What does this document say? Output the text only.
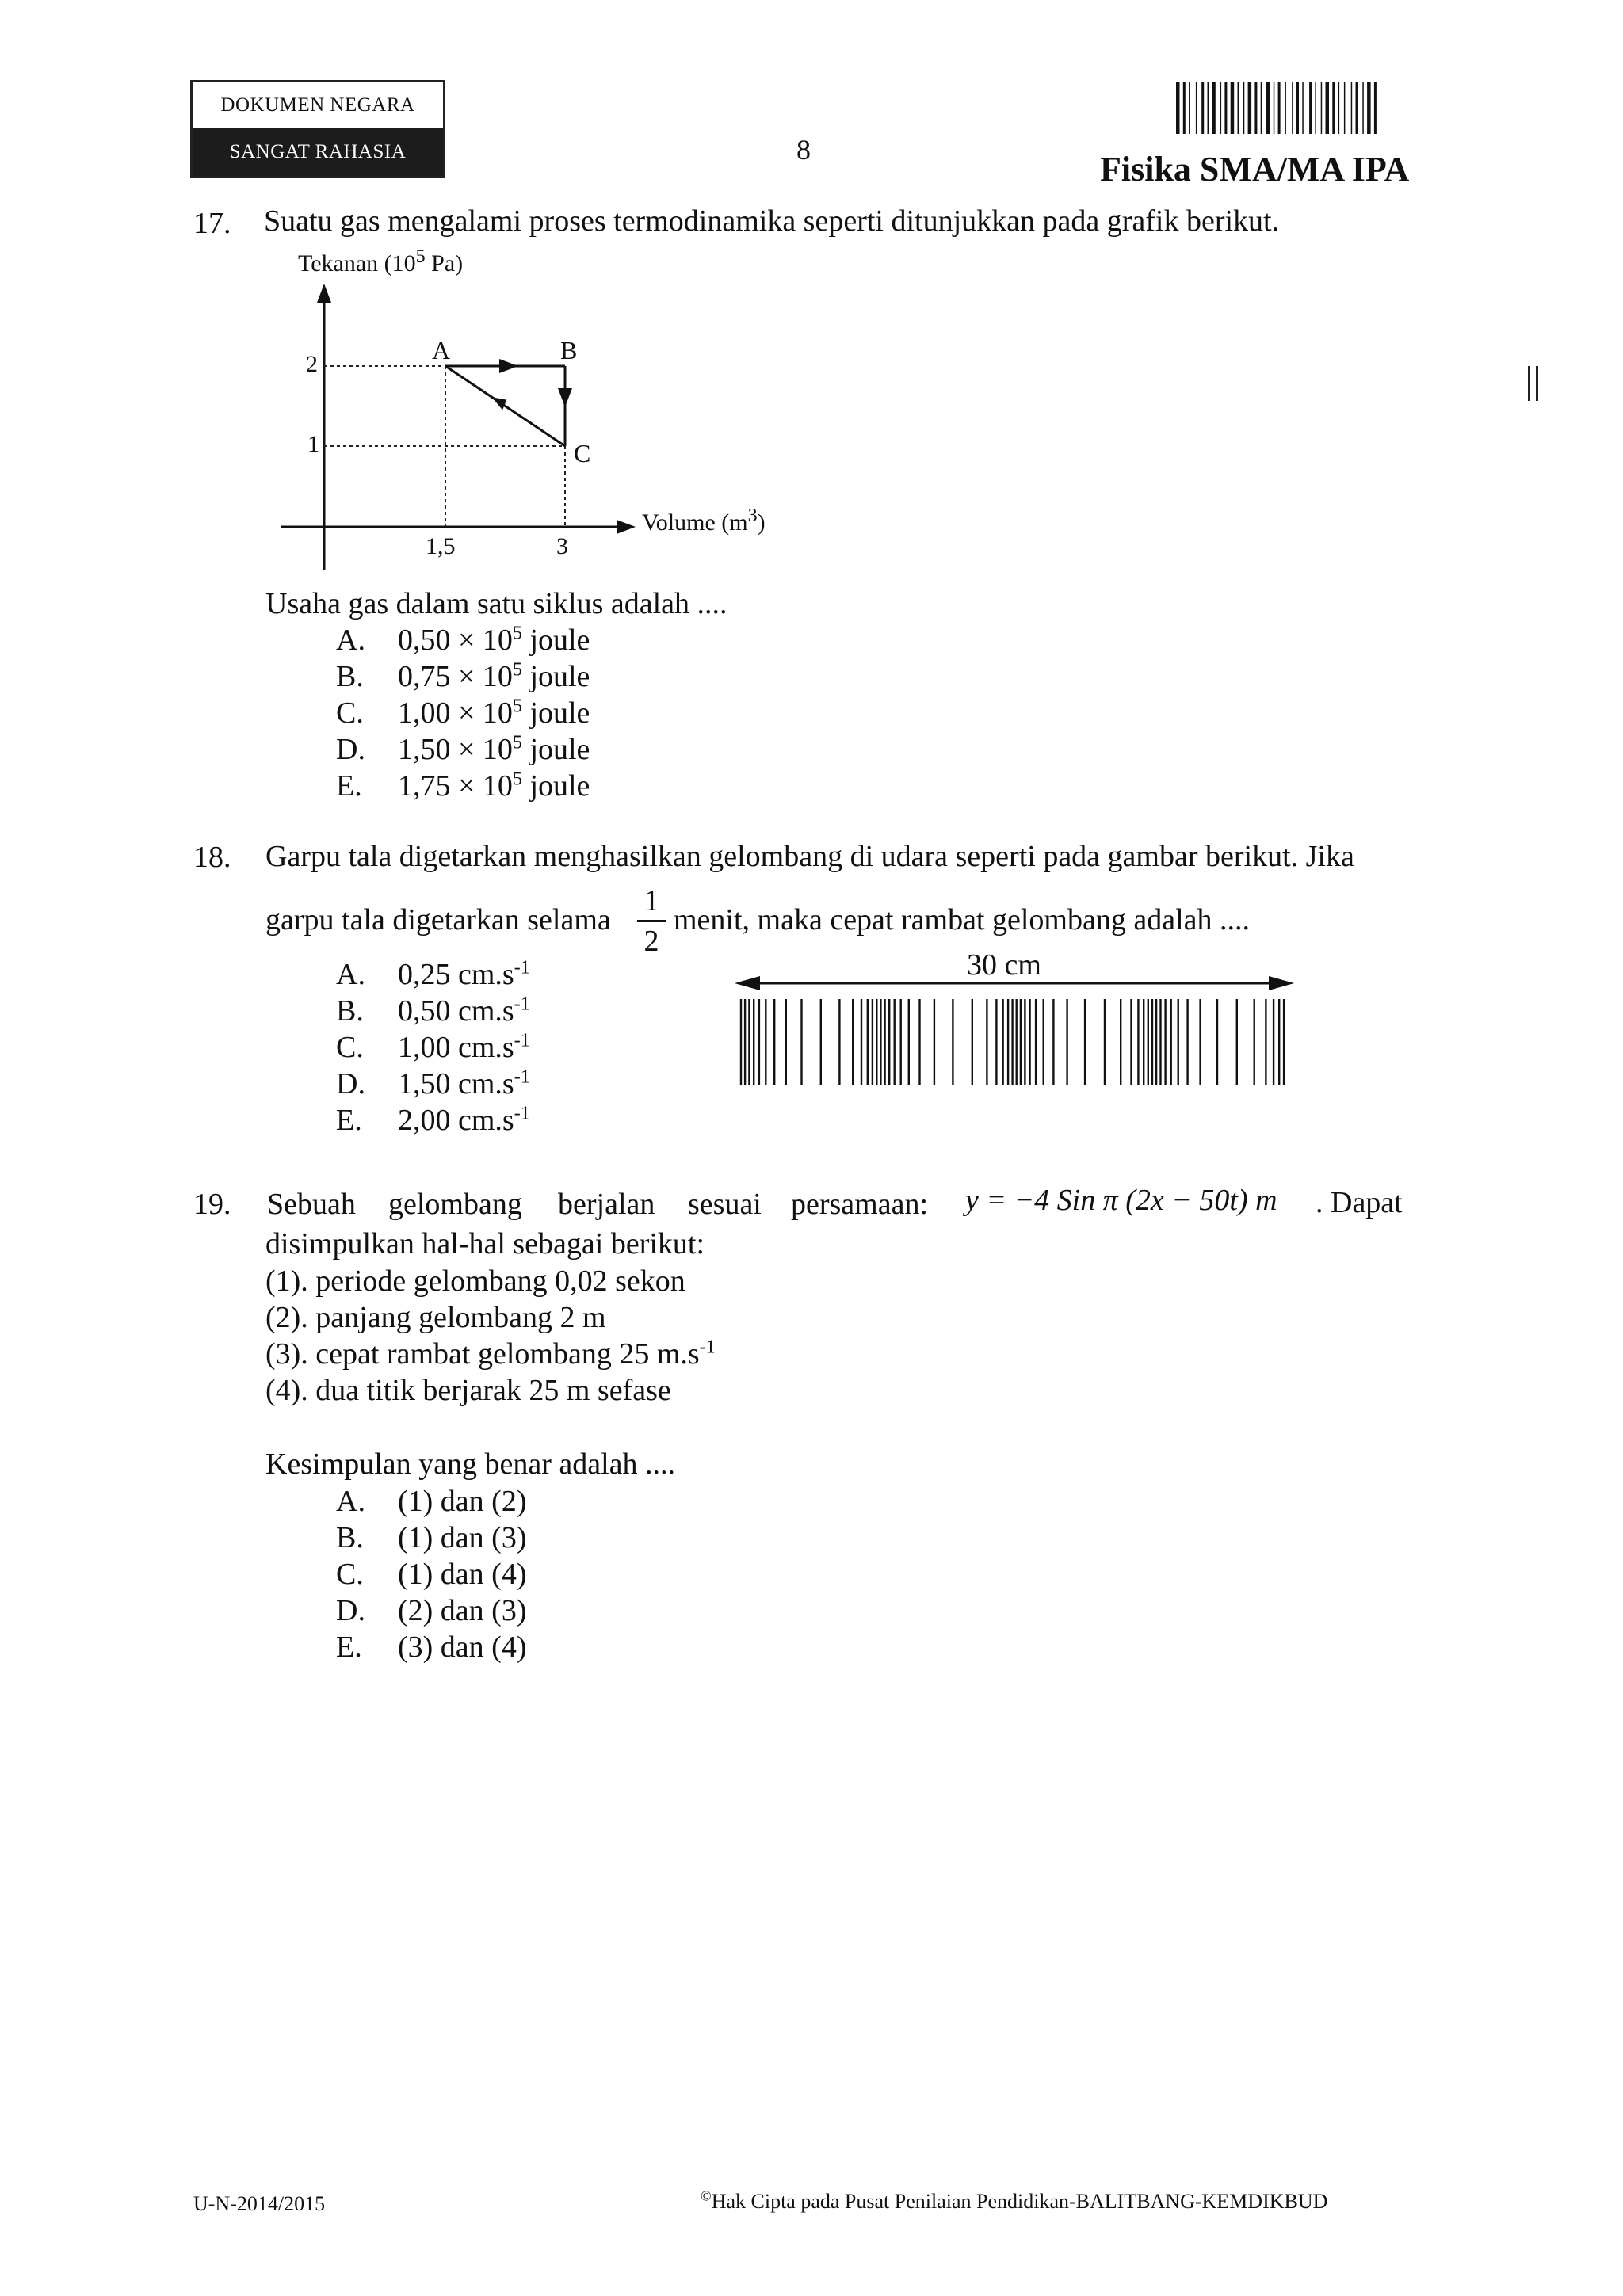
DOKUMEN NEGARA
SANGAT RAHASIA	8	Fisika SMA/MA IPA
17. Suatu gas mengalami proses termodinamika seperti ditunjukkan pada grafik berikut.
Tekanan ($10^5$ Pa)
2
1
1,5	3
A	B
C
Volume $(m^3)$
Usaha gas dalam satu siklus adalah ....
A. $0,50 \times 10^5$ joule
B. $0,75 \times 10^5$ joule
C. $1,00 \times 10^5$ joule
D. $1,50 \times 10^5$ joule
E. $1,75 \times 10^5$ joule
18. Garpu tala digetarkan menghasilkan gelombang di udara seperti pada gambar berikut. Jika
garpu tala digetarkan selama
1
2
menit, maka cepat rambat gelombang adalah ....
A. 0,25 $cm.s^{-1}$
B. 0,50 $cm.s^{-1}$
C. 1,00 $cm.s^{-1}$
D. 1,50 $cm.s^{-1}$
E. 2,00 $cm.s^{-1}$
30 cm
19. Sebuah gelombang berjalan sesuai persamaan: y = −4 Sin π (2x − 50t) m . Dapat
disimpulkan hal-hal sebagai berikut:
(1). periode gelombang 0,02 sekon
(2). panjang gelombang 2 m
(3). cepat rambat gelombang 25 $m.s^{-1}$
(4). dua titik berjarak 25 m sefase
Kesimpulan yang benar adalah ....
A. (1) dan (2)
B. (1) dan (3)
C. (1) dan (4)
D. (2) dan (3)
E. (3) dan (4)
U-N-2014/2015	©Hak Cipta pada Pusat Penilaian Pendidikan-BALITBANG-KEMDIKBUD
